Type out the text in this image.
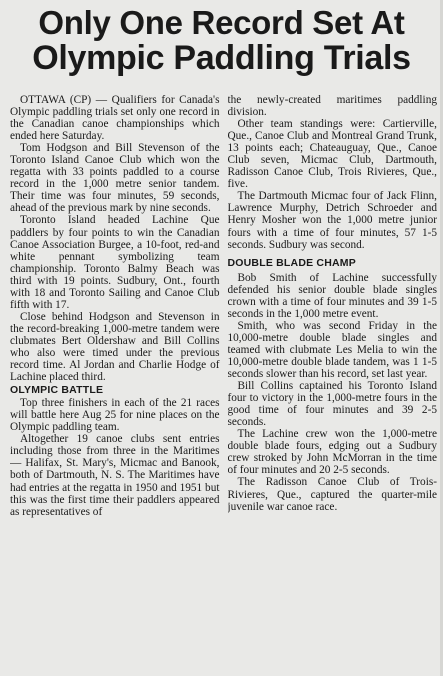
Only One Record Set At
Olympic Paddling Trials

OTTAWA (CP) — Qualifiers for Canada's Olympic paddling trials set only one record in the Canadian canoe championships which ended here Saturday.

Tom Hodgson and Bill Stevenson of the Toronto Island Canoe Club which won the regatta with 33 points paddled to a course record in the 1,000 metre senior tandem. Their time was four minutes, 59 seconds, ahead of the previous mark by nine seconds.

Toronto Island headed Lachine Que paddlers by four points to win the Canadian Canoe Association Burgee, a 10-foot, red-and white pennant symbolizing team championship. Toronto Balmy Beach was third with 19 points. Sudbury, Ont., fourth with 18 and Toronto Sailing and Canoe Club fifth with 17.

Close behind Hodgson and Stevenson in the record-breaking 1,000-metre tandem were clubmates Bert Oldershaw and Bill Collins who also were timed under the previous record time. Al Jordan and Charlie Hodge of Lachine placed third.

OLYMPIC BATTLE

Top three finishers in each of the 21 races will battle here Aug 25 for nine places on the Olympic paddling team.

Altogether 19 canoe clubs sent entries including those from three in the Maritimes — Halifax, St. Mary's, Micmac and Banook, both of Dartmouth, N. S. The Maritimes have had entries at the regatta in 1950 and 1951 but this was the first time their paddlers appeared as representatives of

the newly-created maritimes paddling division.

Other team standings were: Cartierville, Que., Canoe Club and Montreal Grand Trunk, 13 points each; Chateauguay, Que., Canoe Club seven, Micmac Club, Dartmouth, Radisson Canoe Club, Trois Rivieres, Que., five.

The Dartmouth Micmac four of Jack Flinn, Lawrence Murphy, Detrich Schroeder and Henry Mosher won the 1,000 metre junior fours with a time of four minutes, 57 1-5 seconds. Sudbury was second.

DOUBLE BLADE CHAMP

Bob Smith of Lachine successfully defended his senior double blade singles crown with a time of four minutes and 39 1-5 seconds in the 1,000 metre event.

Smith, who was second Friday in the 10,000-metre double blade singles and teamed with clubmate Les Melia to win the 10,000-metre double blade tandem, was 1 1-5 seconds slower than his record, set last year.

Bill Collins captained his Toronto Island four to victory in the 1,000-metre fours in the good time of four minutes and 39 2-5 seconds.

The Lachine crew won the 1,000-metre double blade fours, edging out a Sudbury crew stroked by John McMorran in the time of four minutes and 20 2-5 seconds.

The Radisson Canoe Club of Trois-Rivieres, Que., captured the quarter-mile juvenile war canoe race.
